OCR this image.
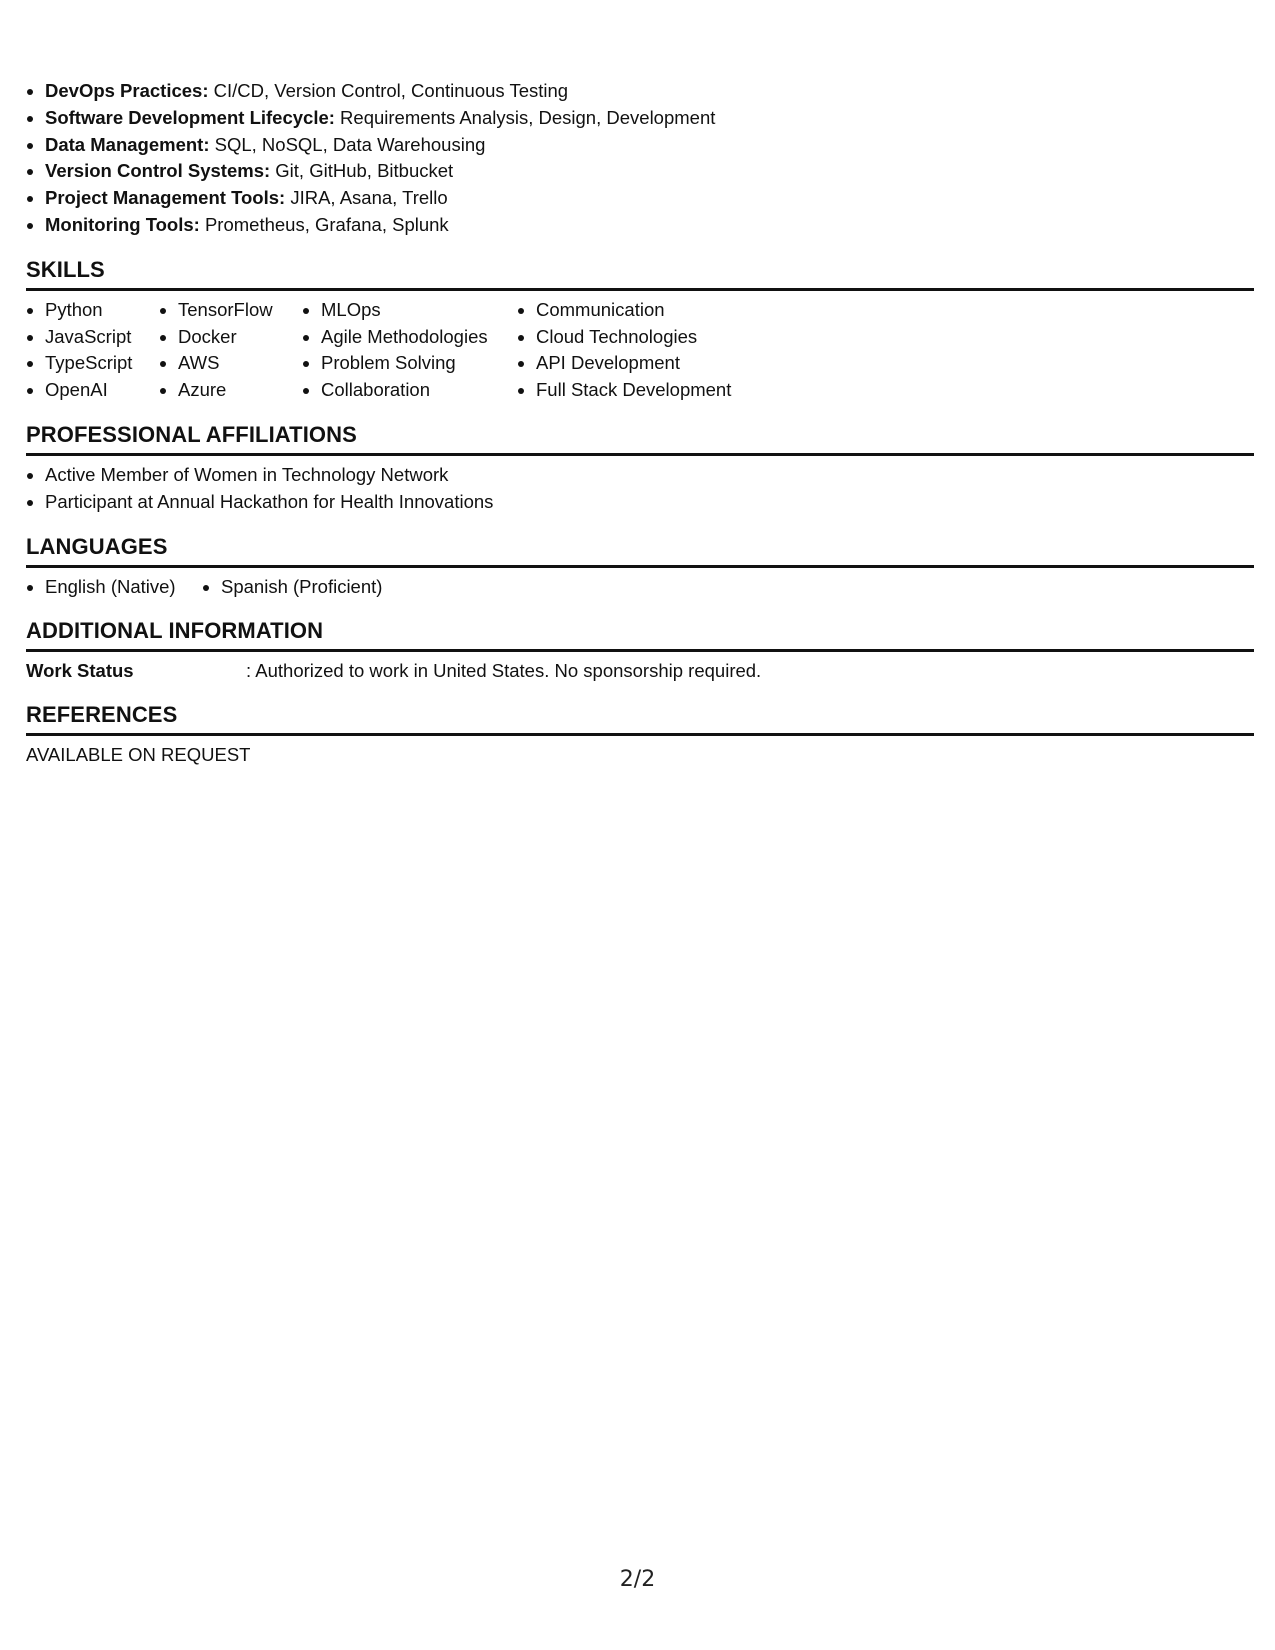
DevOps Practices: CI/CD, Version Control, Continuous Testing
Software Development Lifecycle: Requirements Analysis, Design, Development
Data Management: SQL, NoSQL, Data Warehousing
Version Control Systems: Git, GitHub, Bitbucket
Project Management Tools: JIRA, Asana, Trello
Monitoring Tools: Prometheus, Grafana, Splunk
SKILLS
Python
JavaScript
TypeScript
OpenAI
TensorFlow
Docker
AWS
Azure
MLOps
Agile Methodologies
Problem Solving
Collaboration
Communication
Cloud Technologies
API Development
Full Stack Development
PROFESSIONAL AFFILIATIONS
Active Member of Women in Technology Network
Participant at Annual Hackathon for Health Innovations
LANGUAGES
English (Native)	Spanish (Proficient)
ADDITIONAL INFORMATION
Work Status	: Authorized to work in United States. No sponsorship required.
REFERENCES
AVAILABLE ON REQUEST
2/2
